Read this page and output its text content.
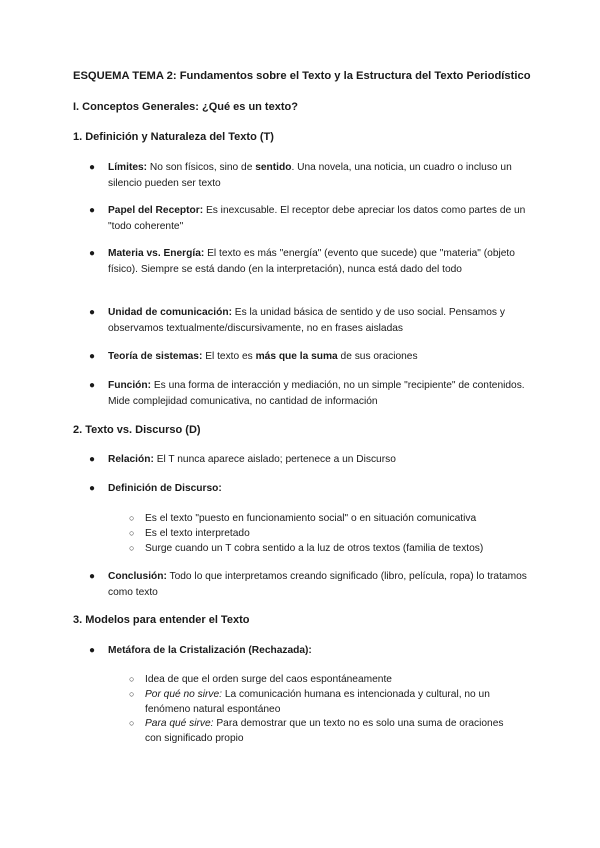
ESQUEMA TEMA 2: Fundamentos sobre el Texto y la Estructura del Texto Periodístico
I. Conceptos Generales: ¿Qué es un texto?
1. Definición y Naturaleza del Texto (T)
● Límites: No son físicos, sino de sentido. Una novela, una noticia, un cuadro o incluso un silencio pueden ser texto
● Papel del Receptor: Es inexcusable. El receptor debe apreciar los datos como partes de un "todo coherente"
● Materia vs. Energía: El texto es más "energía" (evento que sucede) que "materia" (objeto físico). Siempre se está dando (en la interpretación), nunca está dado del todo
● Unidad de comunicación: Es la unidad básica de sentido y de uso social. Pensamos y observamos textualmente/discursivamente, no en frases aisladas
● Teoría de sistemas: El texto es más que la suma de sus oraciones
● Función: Es una forma de interacción y mediación, no un simple "recipiente" de contenidos. Mide complejidad comunicativa, no cantidad de información
2. Texto vs. Discurso (D)
● Relación: El T nunca aparece aislado; pertenece a un Discurso
● Definición de Discurso:
○ Es el texto "puesto en funcionamiento social" o en situación comunicativa
○ Es el texto interpretado
○ Surge cuando un T cobra sentido a la luz de otros textos (familia de textos)
● Conclusión: Todo lo que interpretamos creando significado (libro, película, ropa) lo tratamos como texto
3. Modelos para entender el Texto
● Metáfora de la Cristalización (Rechazada):
○ Idea de que el orden surge del caos espontáneamente
○ Por qué no sirve: La comunicación humana es intencionada y cultural, no un fenómeno natural espontáneo
○ Para qué sirve: Para demostrar que un texto no es solo una suma de oraciones con significado propio
